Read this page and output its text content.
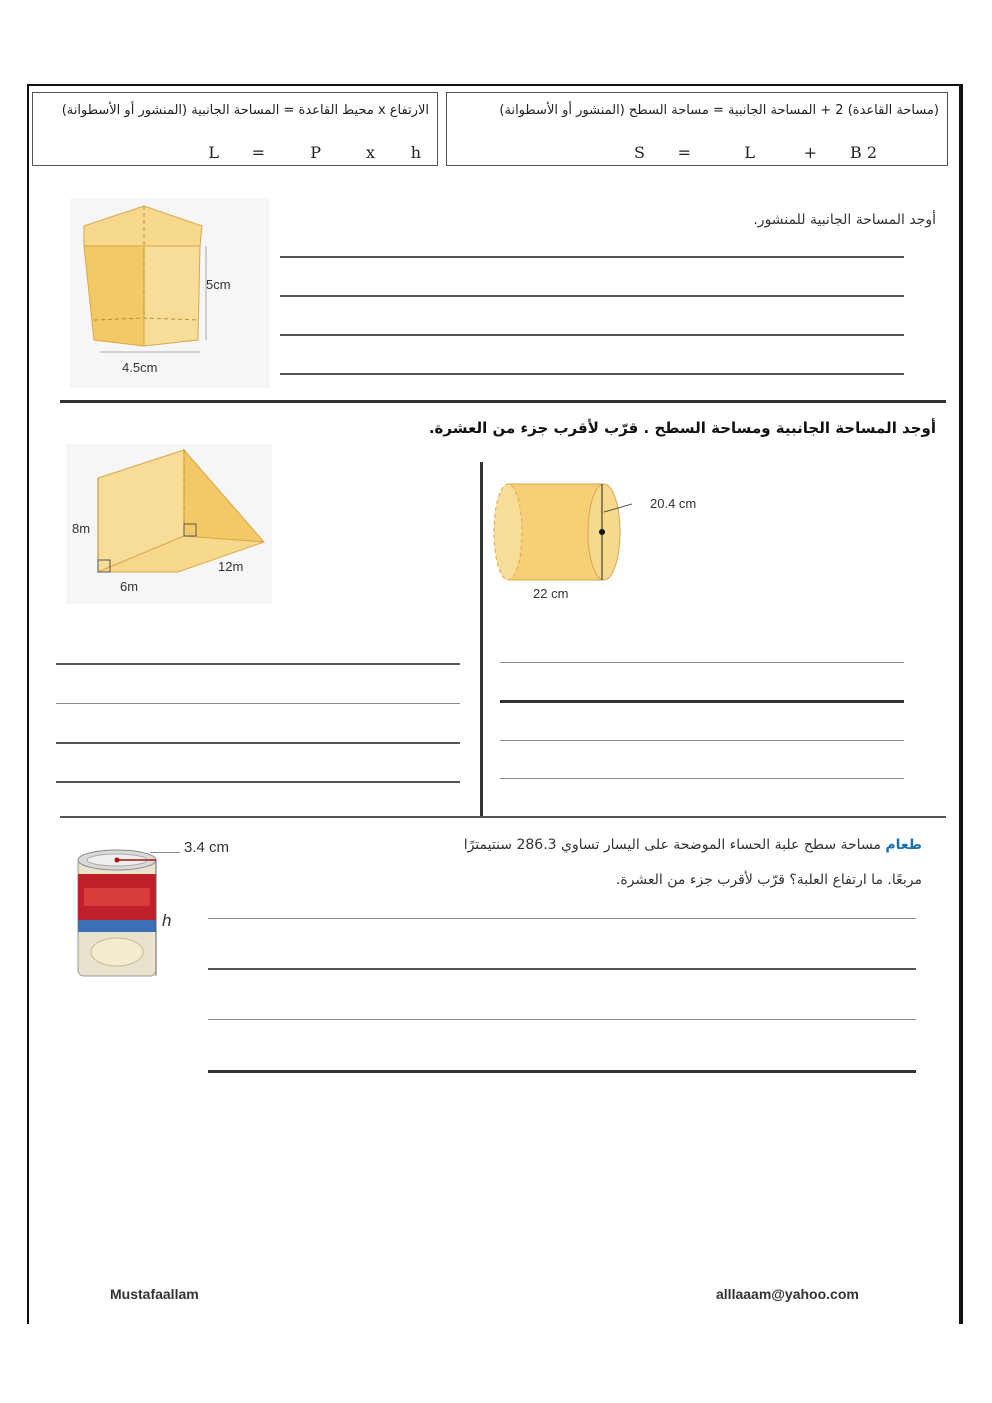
الارتفاع x محيط القاعدة = المساحة الجانبية (المنشور أو الأسطوانة)
h
x
P
=
L
(مساحة القاعدة) 2 + المساحة الجانبية = مساحة السطح (المنشور أو الأسطوانة)
2 B
+
L
=
S
أوجد المساحة الجانبية للمنشور.
5cm
4.5cm
أوجد المساحة الجانبية ومساحة السطح . قرّب لأقرب جزء من العشرة.
8m
6m
12m
20.4 cm
22 cm
طعام مساحة سطح علبة الحساء الموضحة على اليسار تساوي 286.3 سنتيمترًا
مربعًا. ما ارتفاع العلبة؟ قرّب لأقرب جزء من العشرة.
3.4 cm
h
Mustafaallam	alllaaam@yahoo.com
